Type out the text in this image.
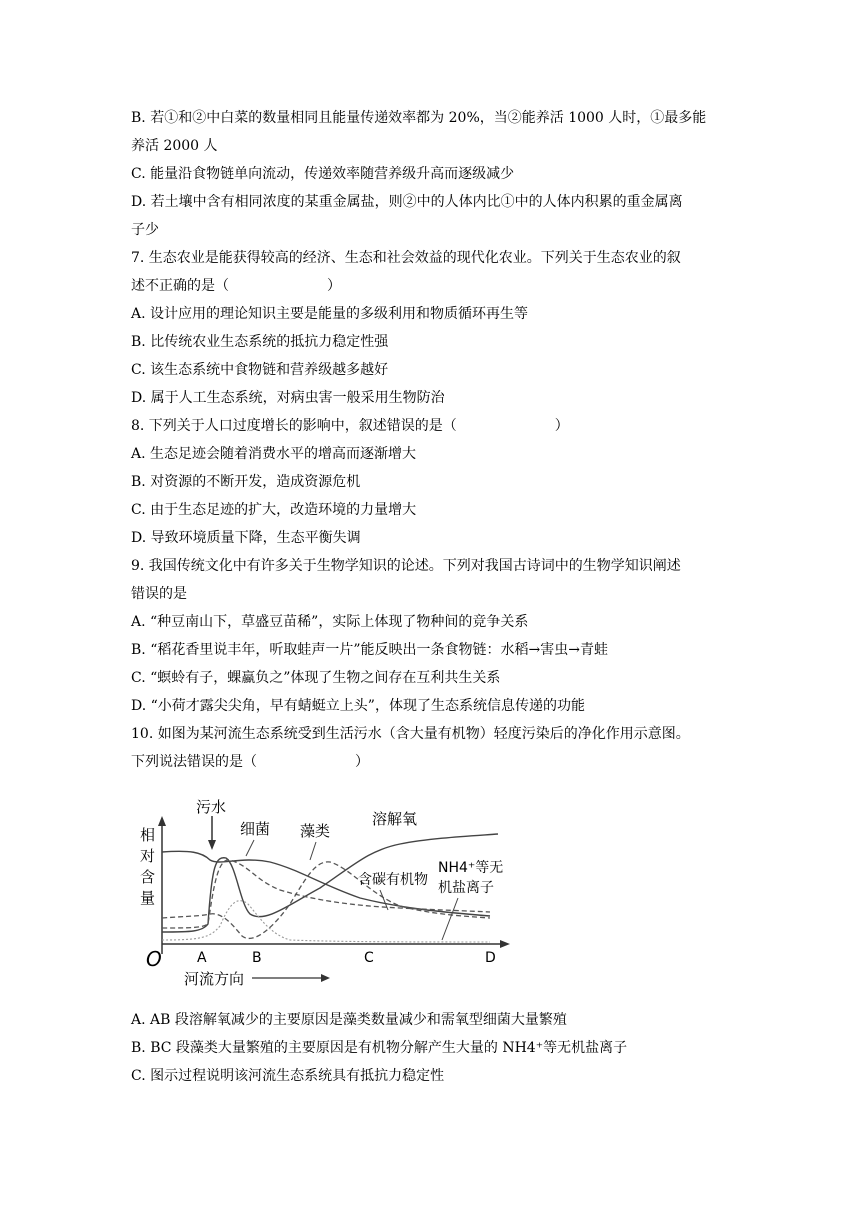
B. 若①和②中白菜的数量相同且能量传递效率都为 20%，当②能养活 1000 人时，①最多能
养活 2000 人
C. 能量沿食物链单向流动，传递效率随营养级升高而逐级减少
D. 若土壤中含有相同浓度的某重金属盐，则②中的人体内比①中的人体内积累的重金属离
子少
7. 生态农业是能获得较高的经济、生态和社会效益的现代化农业。下列关于生态农业的叙
述不正确的是（　　　　　　　）
A. 设计应用的理论知识主要是能量的多级利用和物质循环再生等
B. 比传统农业生态系统的抵抗力稳定性强
C. 该生态系统中食物链和营养级越多越好
D. 属于人工生态系统，对病虫害一般采用生物防治
8. 下列关于人口过度增长的影响中，叙述错误的是（　　　　　　　）
A. 生态足迹会随着消费水平的增高而逐渐增大
B. 对资源的不断开发，造成资源危机
C. 由于生态足迹的扩大，改造环境的力量增大
D. 导致环境质量下降，生态平衡失调
9. 我国传统文化中有许多关于生物学知识的论述。下列对我国古诗词中的生物学知识阐述
错误的是
A. “种豆南山下，草盛豆苗稀”，实际上体现了物种间的竞争关系
B. “稻花香里说丰年，听取蛙声一片”能反映出一条食物链：水稻→害虫→青蛙
C. “螟蛉有子，蜾蠃负之”体现了生物之间存在互利共生关系
D. “小荷才露尖尖角，早有蜻蜓立上头”，体现了生态系统信息传递的功能
10. 如图为某河流生态系统受到生活污水（含大量有机物）轻度污染后的净化作用示意图。
下列说法错误的是（　　　　　　　）
相
对
含
量
O	A	B	C	D
河流方向
污水
细菌 藻类
溶解氧
含碳有机物
NH4⁺等无
机盐离子
A. AB 段溶解氧减少的主要原因是藻类数量减少和需氧型细菌大量繁殖
B. BC 段藻类大量繁殖的主要原因是有机物分解产生大量的 NH4⁺等无机盐离子
C. 图示过程说明该河流生态系统具有抵抗力稳定性
